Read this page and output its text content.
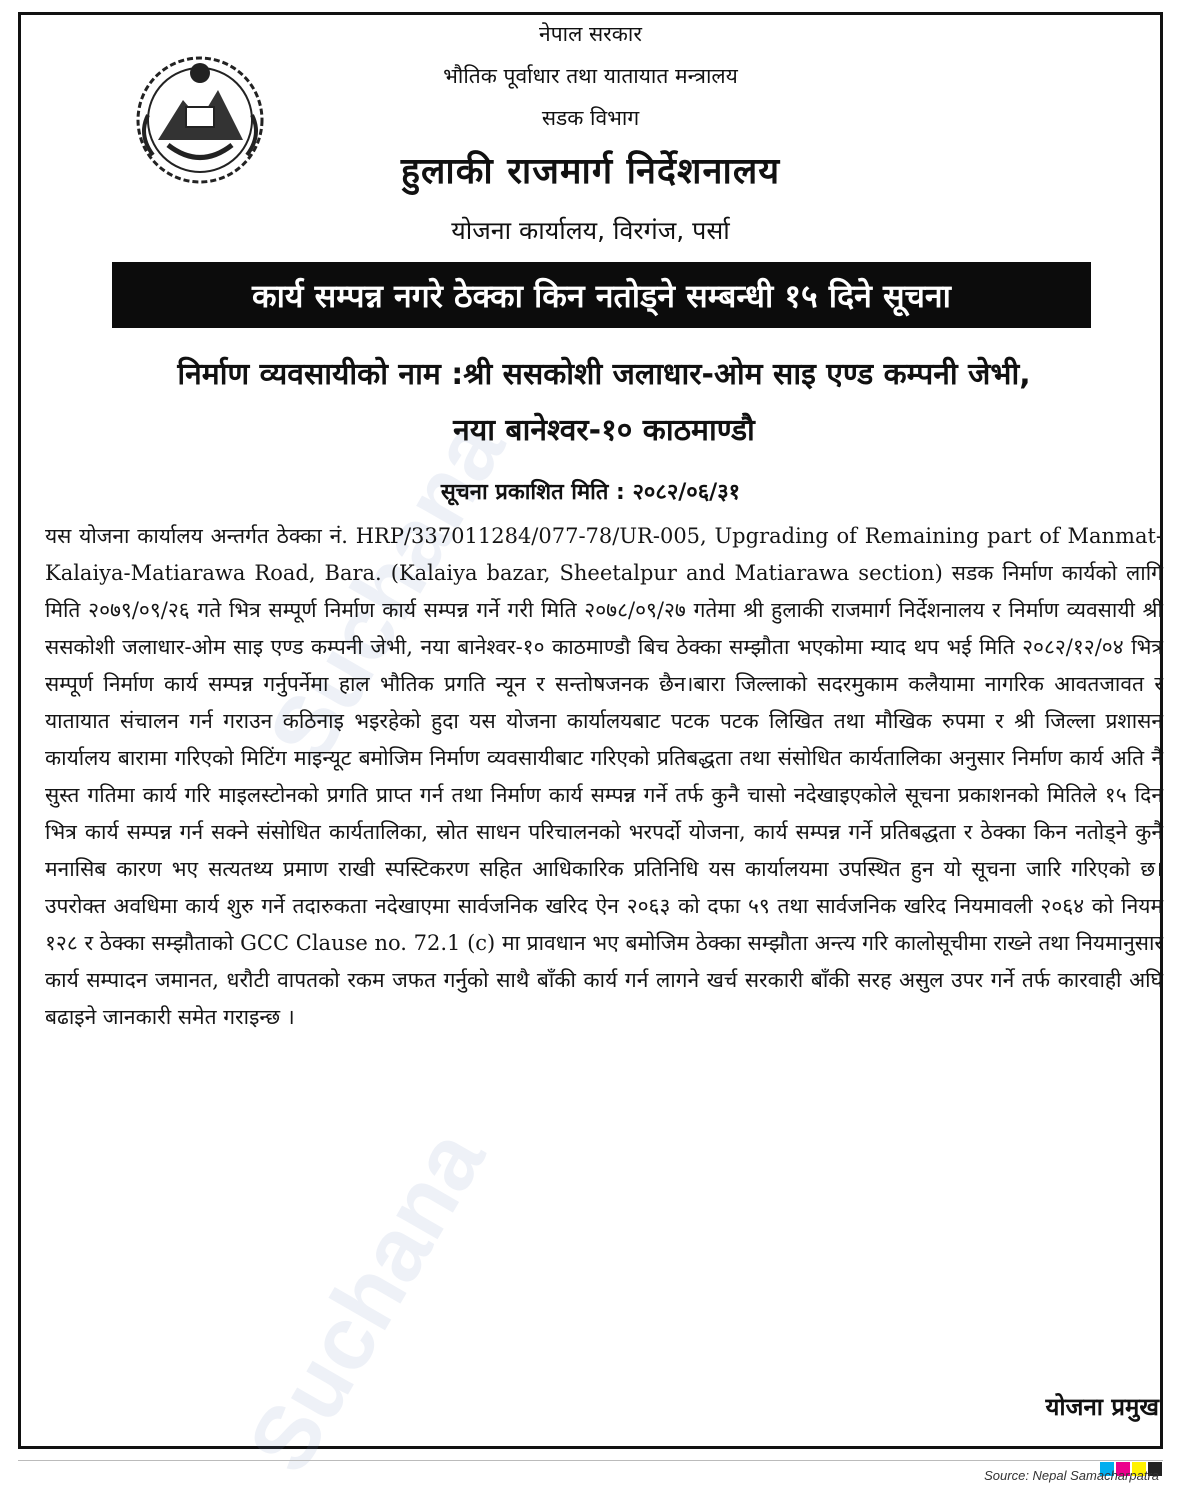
Suchana
Suchana
नेपाल सरकार
भौतिक पूर्वाधार तथा यातायात मन्त्रालय
सडक विभाग
हुलाकी राजमार्ग निर्देशनालय
योजना कार्यालय, विरगंज, पर्सा
कार्य सम्पन्न नगरे ठेक्का किन नतोड्ने सम्बन्धी १५ दिने सूचना
निर्माण व्यवसायीको नाम :श्री ससकोशी जलाधार-ओम साइ एण्ड कम्पनी जेभी,
नया बानेश्वर-१० काठमाण्डौ
सूचना प्रकाशित मिति : २०८२/०६/३१

यस योजना कार्यालय अन्तर्गत ठेक्का नं. HRP/337011284/077-78/UR-005, Upgrading of Remaining part of Manmat-Kalaiya-Matiarawa Road, Bara. (Kalaiya bazar, Sheetalpur and Matiarawa section) सडक निर्माण कार्यको लागि मिति २०७९/०९/२६ गते भित्र सम्पूर्ण निर्माण कार्य सम्पन्न गर्ने गरी मिति २०७८/०९/२७ गतेमा श्री हुलाकी राजमार्ग निर्देशनालय र निर्माण व्यवसायी श्री ससकोशी जलाधार-ओम साइ एण्ड कम्पनी जेभी, नया बानेश्वर-१० काठमाण्डौ बिच ठेक्का सम्झौता भएकोमा म्याद थप भई मिति २०८२/१२/०४ भित्र सम्पूर्ण निर्माण कार्य सम्पन्न गर्नुपर्नेमा हाल भौतिक प्रगति न्यून र सन्तोषजनक छैन।बारा जिल्लाको सदरमुकाम कलैयामा नागरिक आवतजावत र यातायात संचालन गर्न गराउन कठिनाइ भइरहेको हुदा यस योजना कार्यालयबाट पटक पटक लिखित तथा मौखिक रुपमा र श्री जिल्ला प्रशासन कार्यालय बारामा गरिएको मिटिंग माइन्यूट बमोजिम निर्माण व्यवसायीबाट गरिएको प्रतिबद्धता तथा संसोधित कार्यतालिका अनुसार निर्माण कार्य अति नै सुस्त गतिमा कार्य गरि माइलस्टोनको प्रगति प्राप्त गर्न तथा निर्माण कार्य सम्पन्न गर्ने तर्फ कुनै चासो नदेखाइएकोले सूचना प्रकाशनको मितिले १५ दिन भित्र कार्य सम्पन्न गर्न सक्ने संसोधित कार्यतालिका, स्रोत साधन परिचालनको भरपर्दो योजना, कार्य सम्पन्न गर्ने प्रतिबद्धता र ठेक्का किन नतोड्ने कुनै मनासिब कारण भए सत्यतथ्य प्रमाण राखी स्पस्टिकरण सहित आधिकारिक प्रतिनिधि यस कार्यालयमा उपस्थित हुन यो सूचना जारि गरिएको छ। उपरोक्त अवधिमा कार्य शुरु गर्ने तदारुकता नदेखाएमा सार्वजनिक खरिद ऐन २०६३ को दफा ५९ तथा सार्वजनिक खरिद नियमावली २०६४ को नियम १२८ र ठेक्का सम्झौताको GCC Clause no. 72.1 (c) मा प्रावधान भए बमोजिम ठेक्का सम्झौता अन्त्य गरि कालोसूचीमा राख्ने तथा नियमानुसार कार्य सम्पादन जमानत, धरौटी वापतको रकम जफत गर्नुको साथै बाँकी कार्य गर्न लागने खर्च सरकारी बाँकी सरह असुल उपर गर्ने तर्फ कारवाही अघि बढाइने जानकारी समेत गराइन्छ ।

योजना प्रमुख
Source: Nepal Samacharpatra
